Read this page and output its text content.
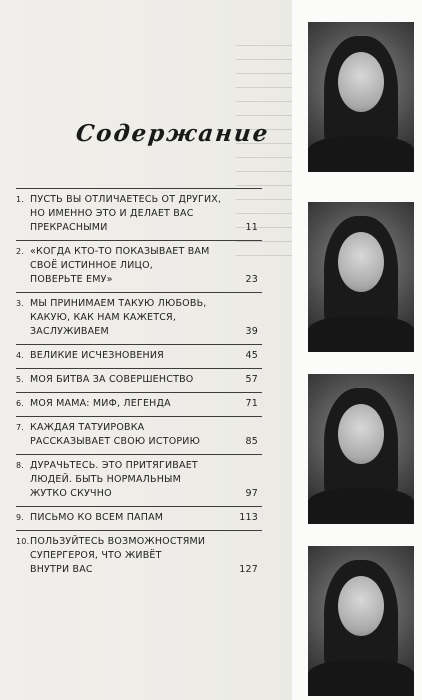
Содержание
1. ПУСТЬ ВЫ ОТЛИЧАЕТЕСЬ ОТ ДРУГИХ,
НО ИМЕННО ЭТО И ДЕЛАЕТ ВАС
ПРЕКРАСНЫМИ	11
2. «КОГДА КТО-ТО ПОКАЗЫВАЕТ ВАМ
СВОЁ ИСТИННОЕ ЛИЦО,
ПОВЕРЬТЕ ЕМУ»	23
3. МЫ ПРИНИМАЕМ ТАКУЮ ЛЮБОВЬ,
КАКУЮ, КАК НАМ КАЖЕТСЯ,
ЗАСЛУЖИВАЕМ	39
4. ВЕЛИКИЕ ИСЧЕЗНОВЕНИЯ	45
5. МОЯ БИТВА ЗА СОВЕРШЕНСТВО	57
6. МОЯ МАМА: МИФ, ЛЕГЕНДА	71
7. КАЖДАЯ ТАТУИРОВКА
РАССКАЗЫВАЕТ СВОЮ ИСТОРИЮ	85
8. ДУРАЧЬТЕСЬ. ЭТО ПРИТЯГИВАЕТ
ЛЮДЕЙ. БЫТЬ НОРМАЛЬНЫМ
ЖУТКО СКУЧНО	97
9. ПИСЬМО КО ВСЕМ ПАПАМ	113
10. ПОЛЬЗУЙТЕСЬ ВОЗМОЖНОСТЯМИ
СУПЕРГЕРОЯ, ЧТО ЖИВЁТ
ВНУТРИ ВАС	127
